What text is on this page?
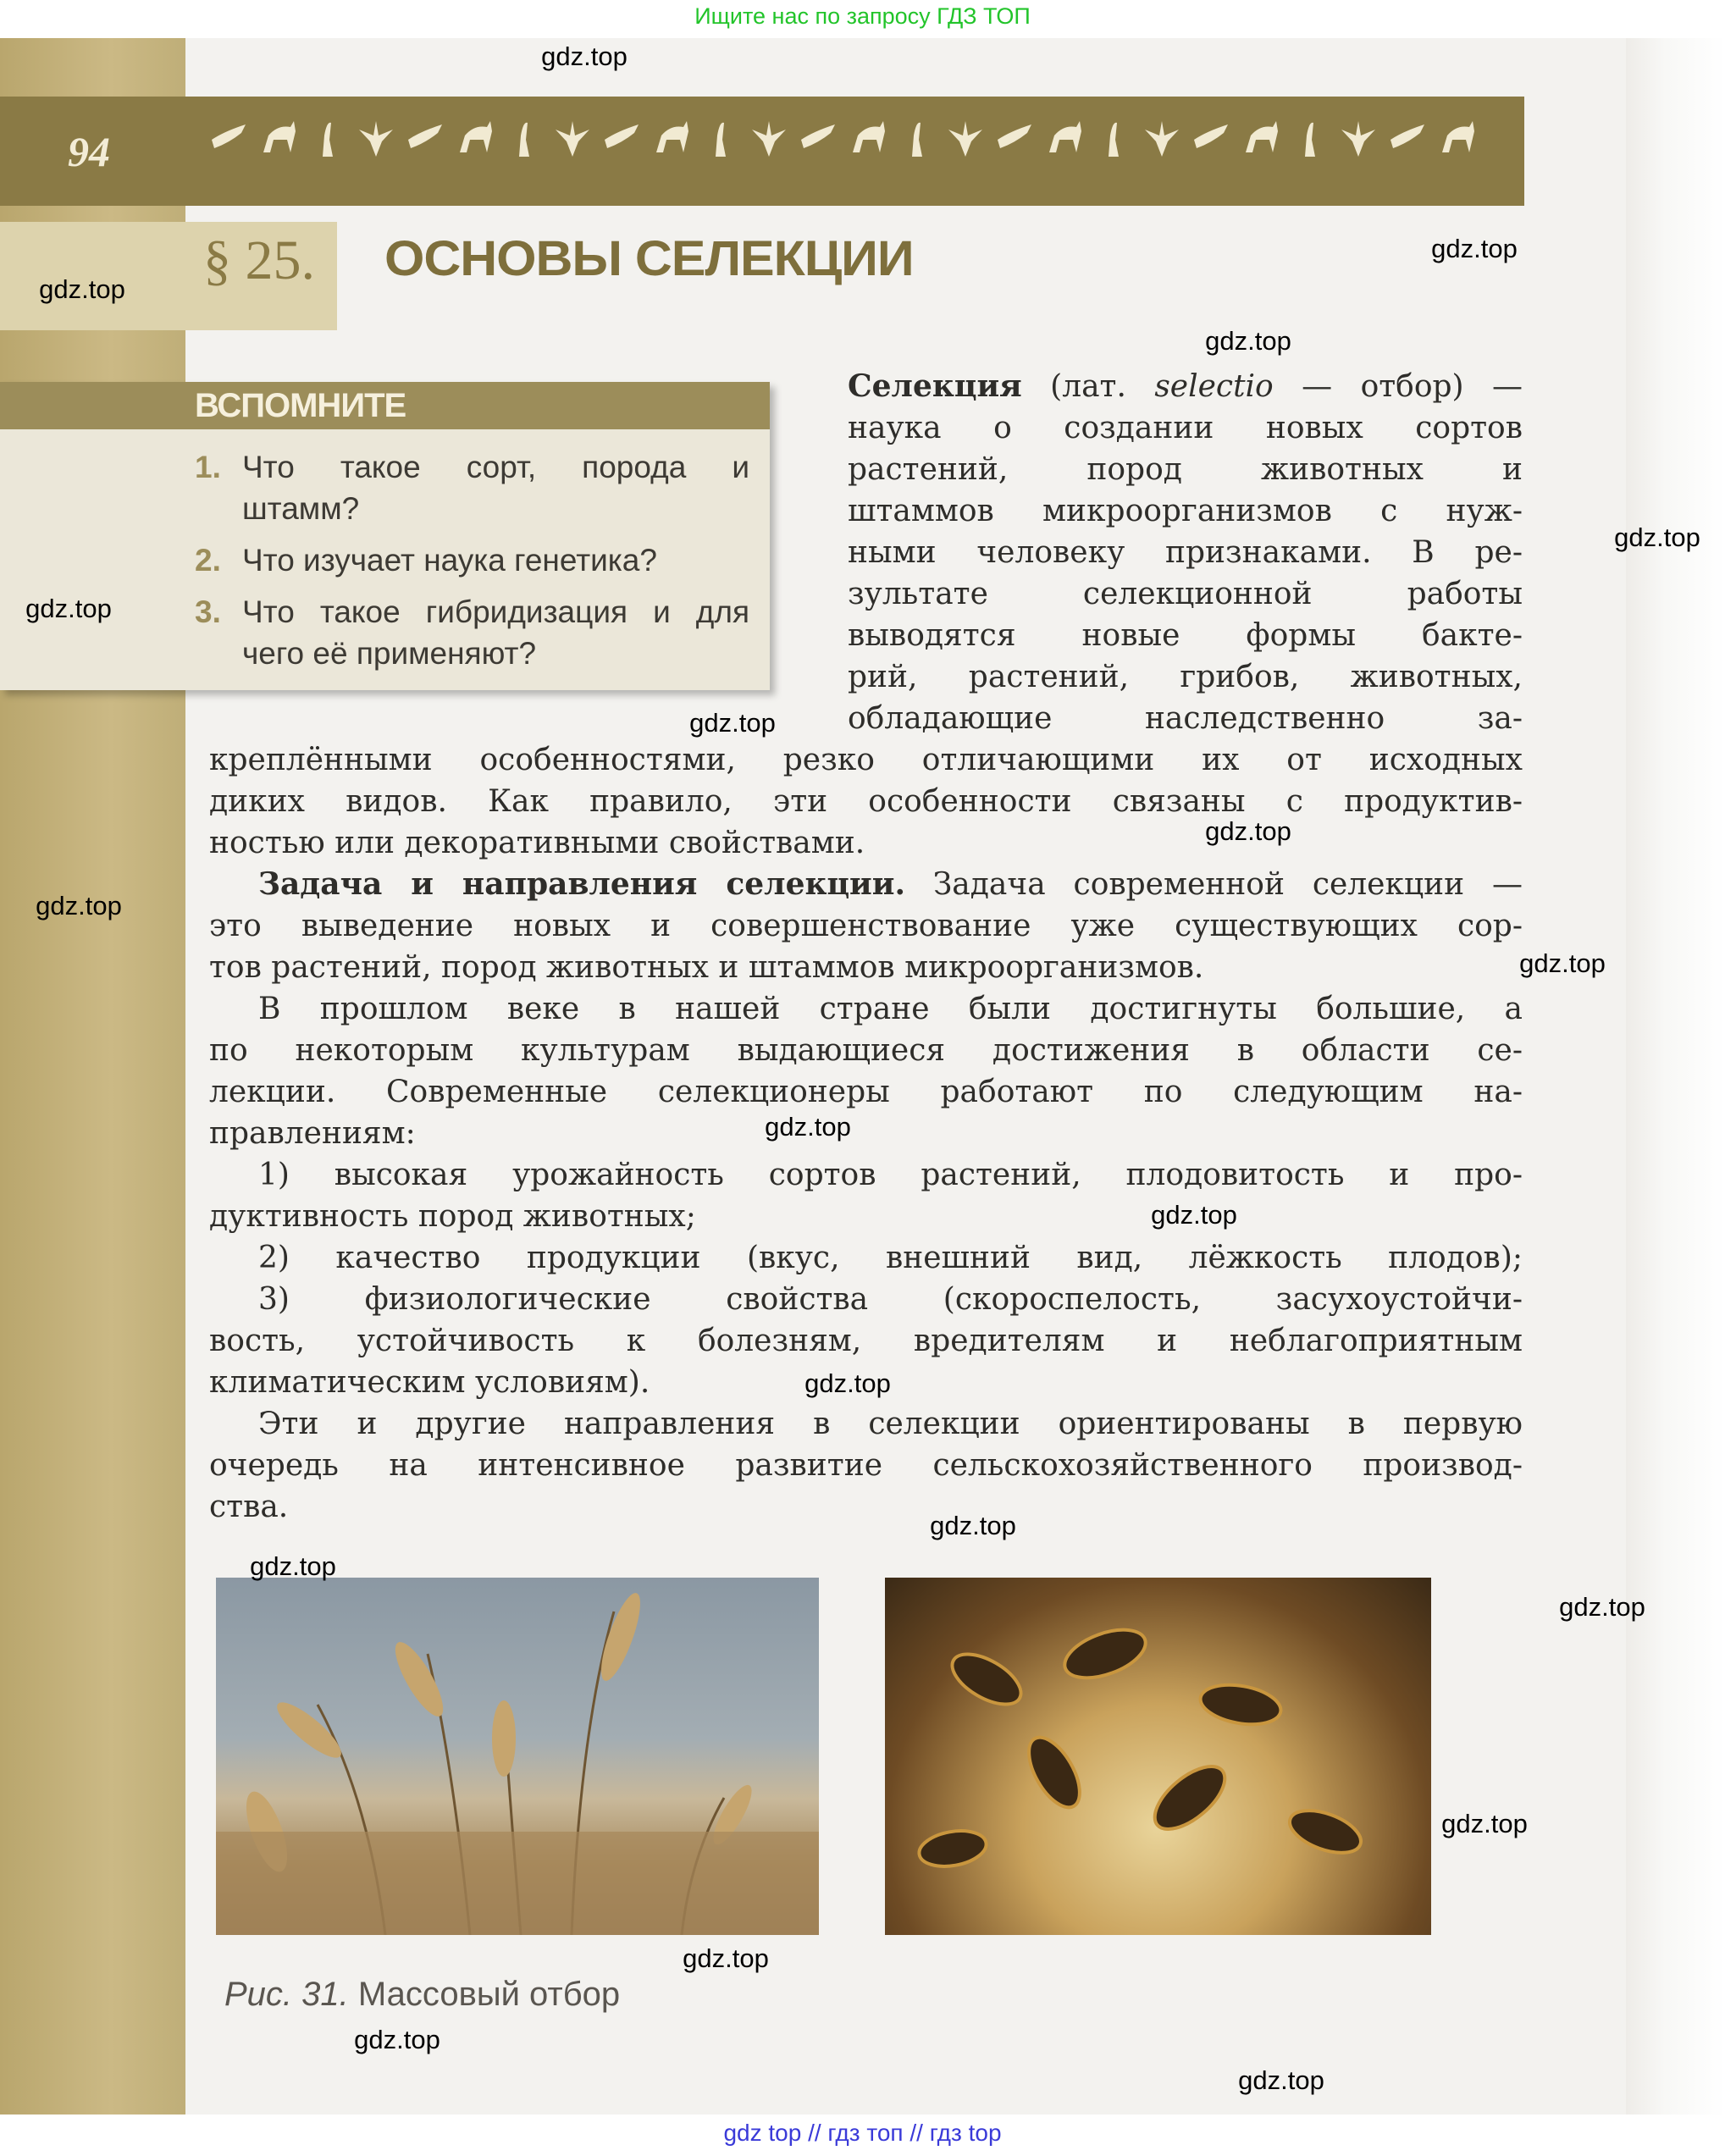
Ищите нас по запросу ГДЗ ТОП
94
§ 25. ОСНОВЫ СЕЛЕКЦИИ
ВСПОМНИТЕ
1. Что такое сорт, порода и
штамм?
2. Что изучает наука генетика?
3. Что такое гибридизация и для
чего её применяют?
Селекция (лат. selectio — отбор) —
наука о создании новых сортов
растений, пород животных и
штаммов микроорганизмов с нуж-
ными человеку признаками. В ре-
зультате селекционной работы
выводятся новые формы бакте-
рий, растений, грибов, животных,
обладающие наследственно за-
креплёнными особенностями, резко отличающими их от исходных
диких видов. Как правило, эти особенности связаны с продуктив-
ностью или декоративными свойствами.
Задача и направления селекции. Задача современной селекции —
это выведение новых и совершенствование уже существующих сор-
тов растений, пород животных и штаммов микроорганизмов.
В прошлом веке в нашей стране были достигнуты большие, а
по некоторым культурам выдающиеся достижения в области се-
лекции. Современные селекционеры работают по следующим на-
правлениям:
1) высокая урожайность сортов растений, плодовитость и про-
дуктивность пород животных;
2) качество продукции (вкус, внешний вид, лёжкость плодов);
3) физиологические свойства (скороспелость, засухоустойчи-
вость, устойчивость к болезням, вредителям и неблагоприятным
климатическим условиям).
Эти и другие направления в селекции ориентированы в первую
очередь на интенсивное развитие сельскохозяйственного производ-
ства.
Рис. 31. Массовый отбор
gdz.top
gdz.top
gdz.top
gdz.top
gdz.top
gdz.top
gdz.top
gdz.top
gdz.top
gdz.top
gdz.top
gdz.top
gdz.top
gdz.top
gdz.top
gdz.top
gdz.top
gdz.top
gdz.top
gdz.top
gdz top // гдз топ // гдз top
